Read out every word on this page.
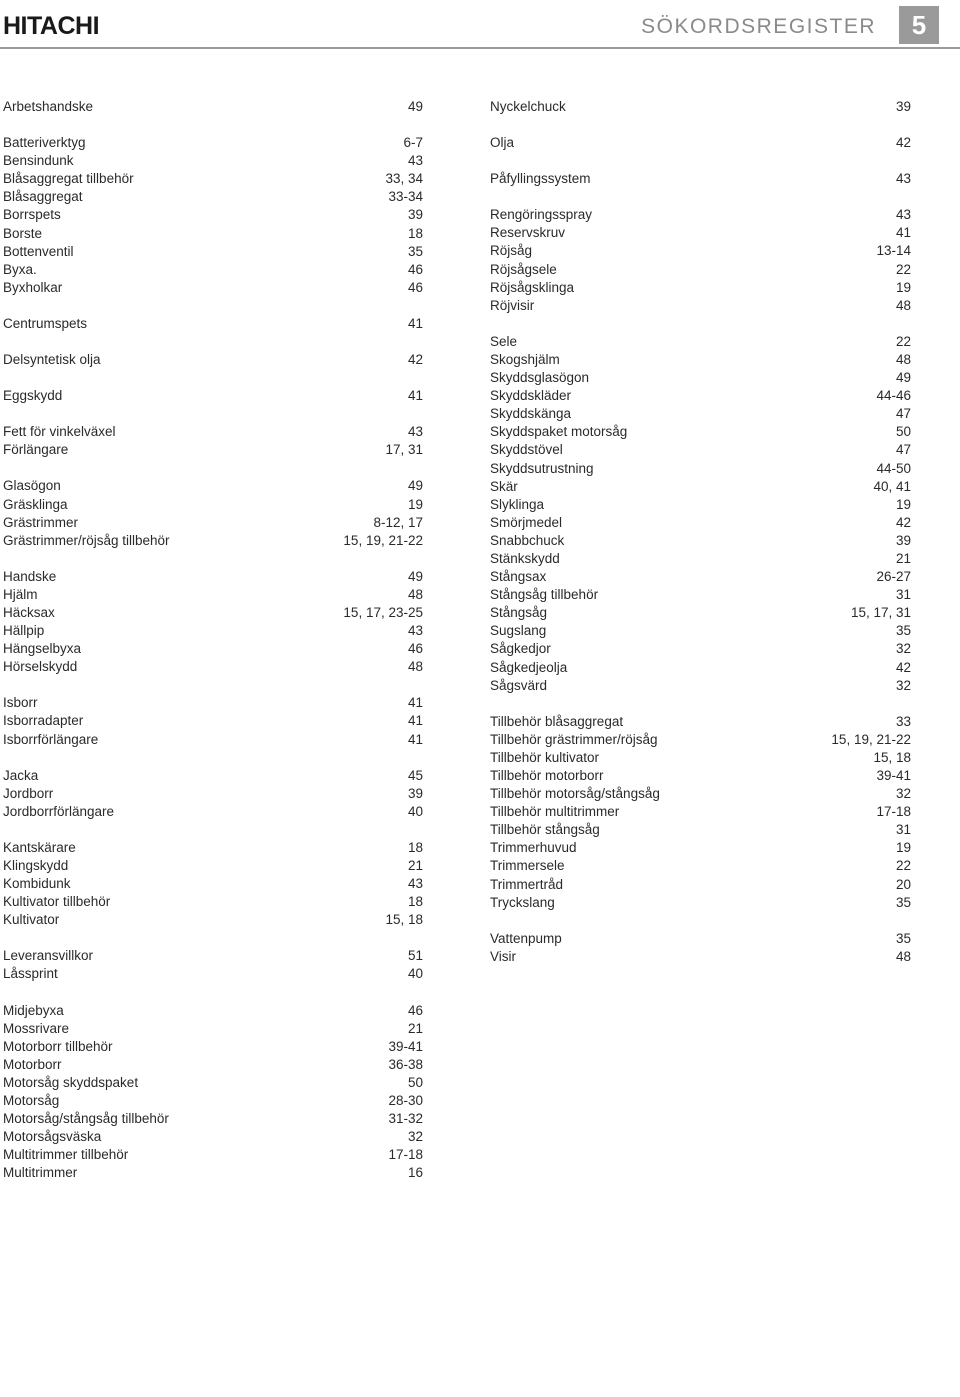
HITACHI	SÖKORDSREGISTER	5
Arbetshandske	49
Batteriverktyg	6-7
Bensindunk	43
Blåsaggregat tillbehör	33, 34
Blåsaggregat	33-34
Borrspets	39
Borste	18
Bottenventil	35
Byxa.	46
Byxholkar	46
Centrumspets	41
Delsyntetisk olja	42
Eggskydd	41
Fett för vinkelväxel	43
Förlängare	17, 31
Glasögon	49
Gräsklinga	19
Grästrimmer	8-12, 17
Grästrimmer/röjsåg tillbehör	15, 19, 21-22
Handske	49
Hjälm	48
Häcksax	15, 17, 23-25
Hällpip	43
Hängselbyxa	46
Hörselskydd	48
Isborr	41
Isborradapter	41
Isborrförlängare	41
Jacka	45
Jordborr	39
Jordborrförlängare	40
Kantskärare	18
Klingskydd	21
Kombidunk	43
Kultivator tillbehör	18
Kultivator	15, 18
Leveransvillkor	51
Låssprint	40
Midjebyxa	46
Mossrivare	21
Motorborr tillbehör	39-41
Motorborr	36-38
Motorsåg skyddspaket	50
Motorsåg	28-30
Motorsåg/stångsåg tillbehör	31-32
Motorsågsväska	32
Multitrimmer tillbehör	17-18
Multitrimmer	16
Nyckelchuck	39
Olja	42
Påfyllingssystem	43
Rengöringsspray	43
Reservskruv	41
Röjsåg	13-14
Röjsågsele	22
Röjsågsklinga	19
Röjvisir	48
Sele	22
Skogshjälm	48
Skyddsglasögon	49
Skyddskläder	44-46
Skyddskänga	47
Skyddspaket motorsåg	50
Skyddstövel	47
Skyddsutrustning	44-50
Skär	40, 41
Slyklinga	19
Smörjmedel	42
Snabbchuck	39
Stänkskydd	21
Stångsax	26-27
Stångsåg tillbehör	31
Stångsåg	15, 17, 31
Sugslang	35
Sågkedjor	32
Sågkedjeolja	42
Sågsvärd	32
Tillbehör blåsaggregat	33
Tillbehör grästrimmer/röjsåg	15, 19, 21-22
Tillbehör kultivator	15, 18
Tillbehör motorborr	39-41
Tillbehör motorsåg/stångsåg	32
Tillbehör multitrimmer	17-18
Tillbehör stångsåg	31
Trimmerhuvud	19
Trimmersele	22
Trimmertråd	20
Tryckslang	35
Vattenpump	35
Visir	48
